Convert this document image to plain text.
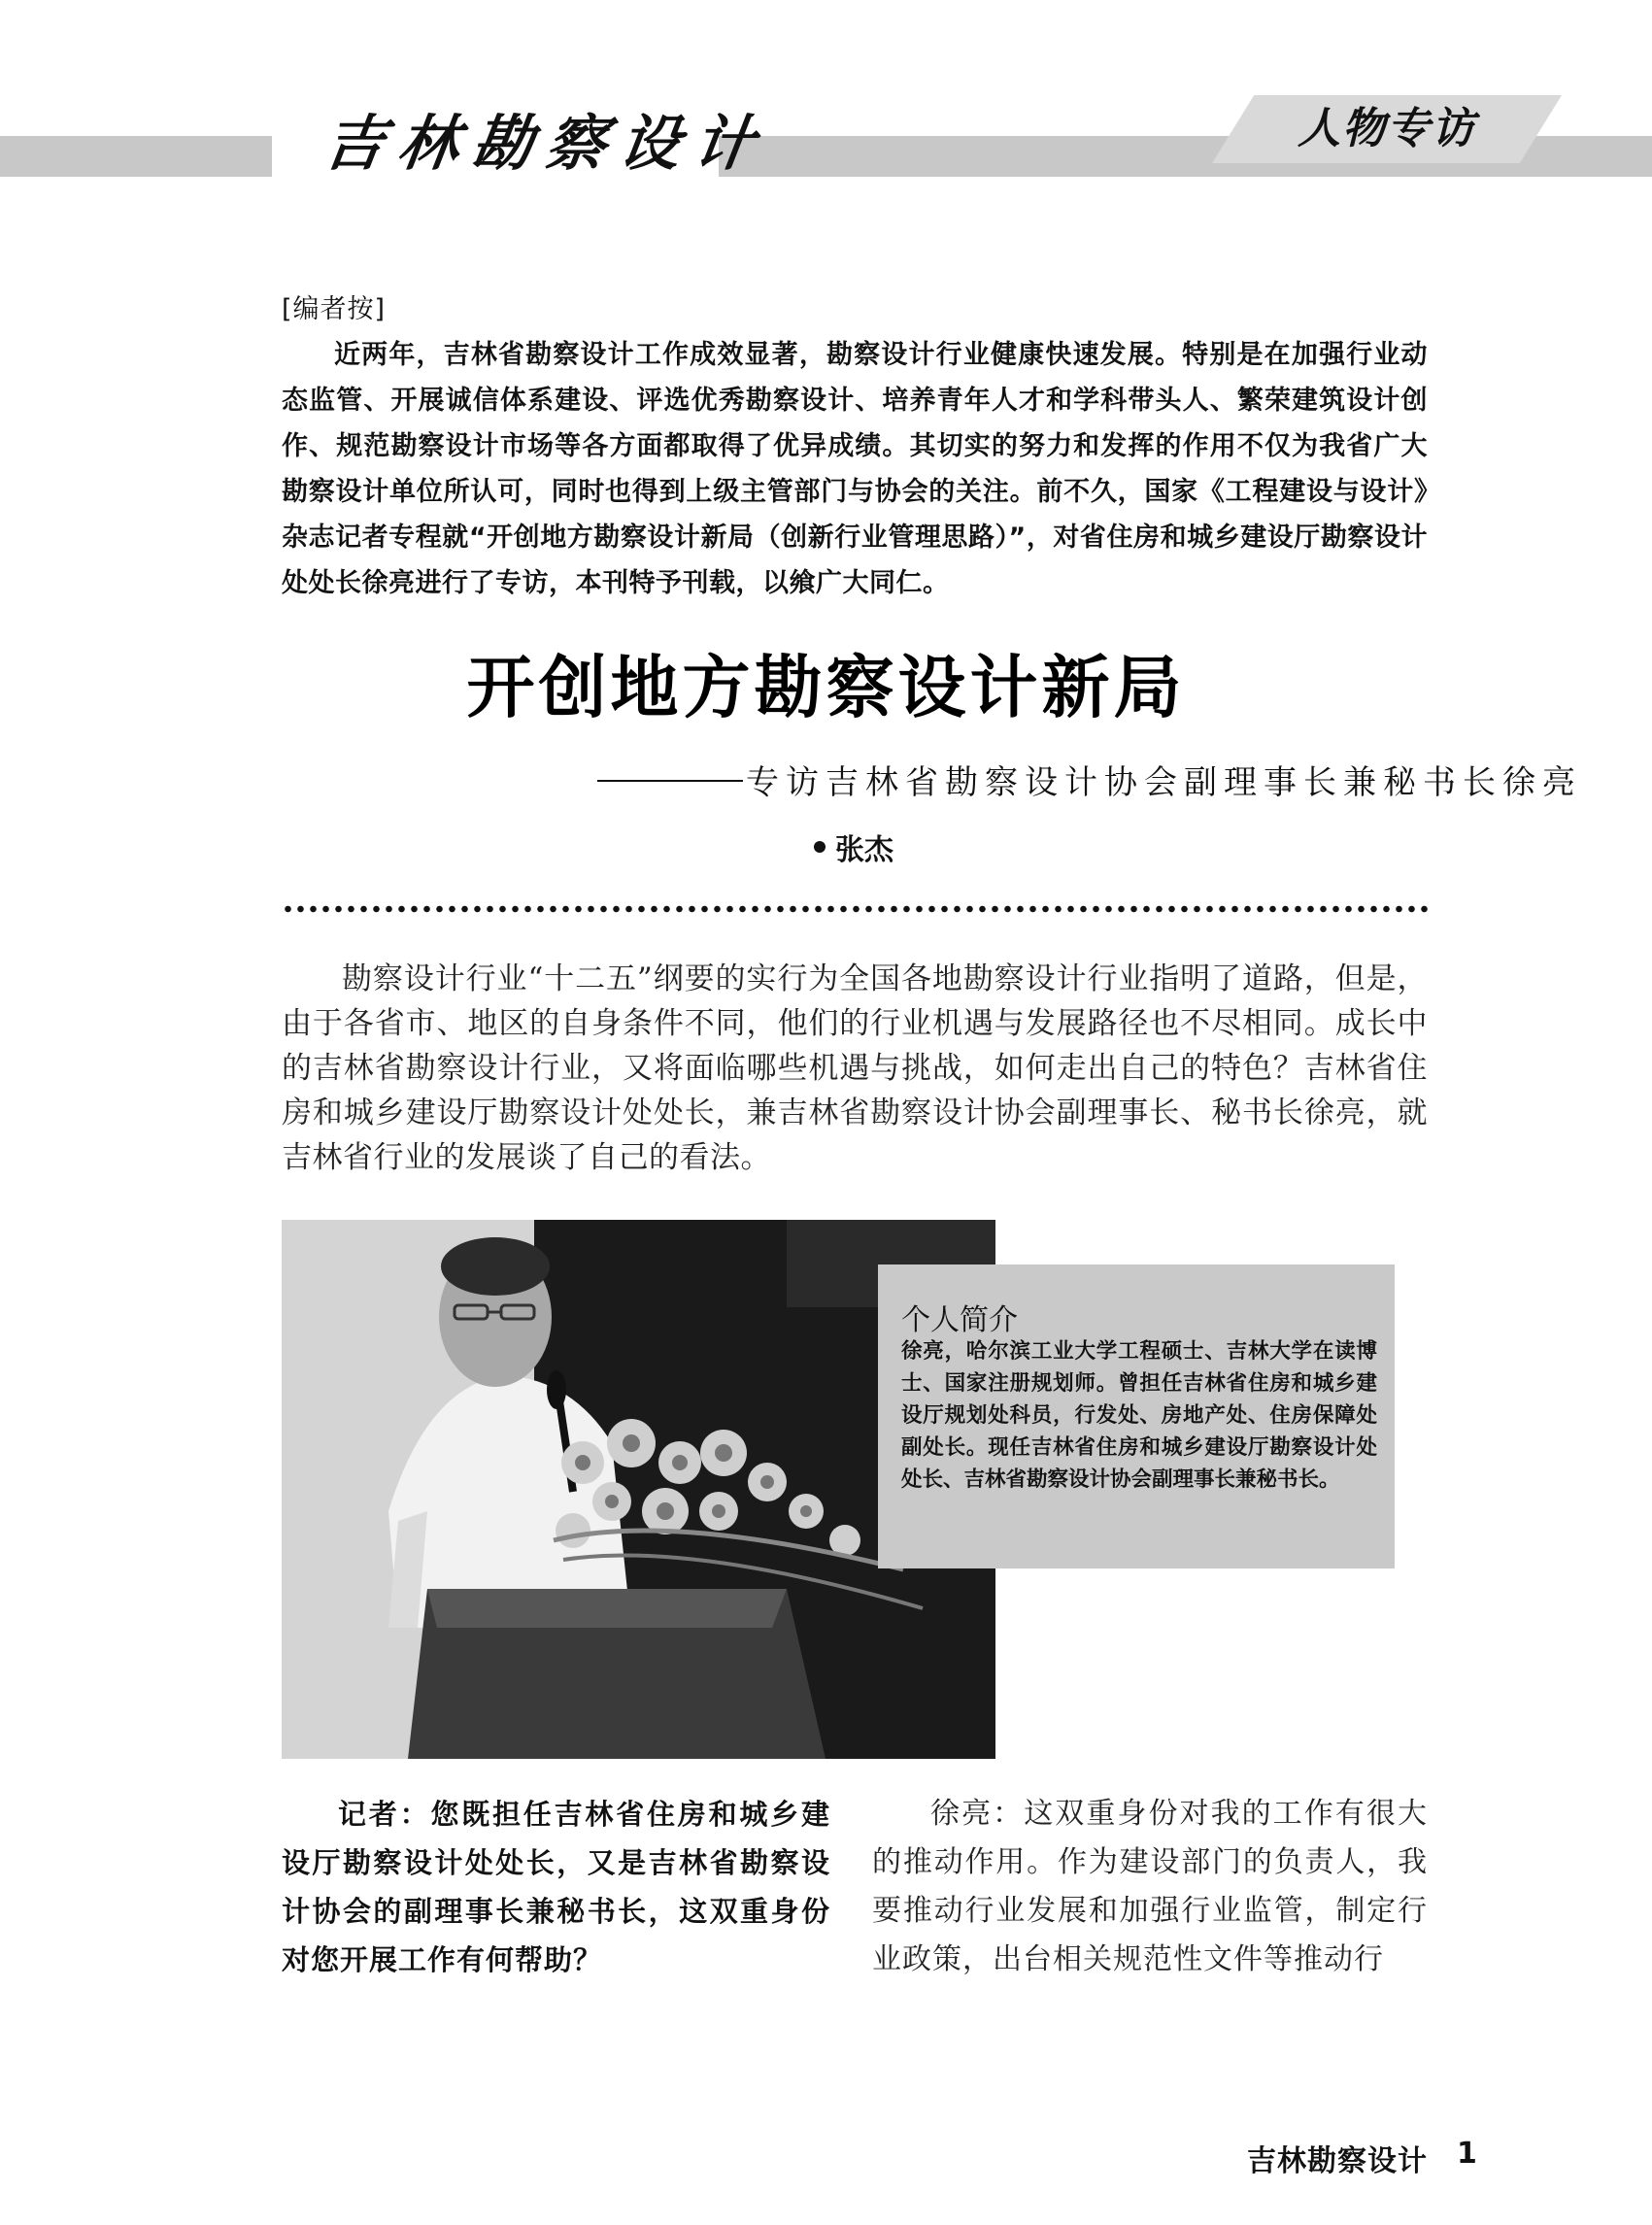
吉林勘察设计	人物专访
[编者按]
近两年，吉林省勘察设计工作成效显著，勘察设计行业健康快速发展。特别是在加强行业动态监管、开展诚信体系建设、评选优秀勘察设计、培养青年人才和学科带头人、繁荣建筑设计创作、规范勘察设计市场等各方面都取得了优异成绩。其切实的努力和发挥的作用不仅为我省广大勘察设计单位所认可，同时也得到上级主管部门与协会的关注。前不久，国家《工程建设与设计》杂志记者专程就“开创地方勘察设计新局（创新行业管理思路）”，对省住房和城乡建设厅勘察设计处处长徐亮进行了专访，本刊特予刊载，以飨广大同仁。
开创地方勘察设计新局
专访吉林省勘察设计协会副理事长兼秘书长徐亮
张杰
勘察设计行业“十二五”纲要的实行为全国各地勘察设计行业指明了道路，但是，由于各省市、地区的自身条件不同，他们的行业机遇与发展路径也不尽相同。成长中的吉林省勘察设计行业，又将面临哪些机遇与挑战，如何走出自己的特色？吉林省住房和城乡建设厅勘察设计处处长，兼吉林省勘察设计协会副理事长、秘书长徐亮，就吉林省行业的发展谈了自己的看法。
个人简介
徐亮，哈尔滨工业大学工程硕士、吉林大学在读博士、国家注册规划师。曾担任吉林省住房和城乡建设厅规划处科员，行发处、房地产处、住房保障处副处长。现任吉林省住房和城乡建设厅勘察设计处处长、吉林省勘察设计协会副理事长兼秘书长。
记者：您既担任吉林省住房和城乡建设厅勘察设计处处长，又是吉林省勘察设计协会的副理事长兼秘书长，这双重身份对您开展工作有何帮助？
徐亮：这双重身份对我的工作有很大的推动作用。作为建设部门的负责人，我要推动行业发展和加强行业监管，制定行业政策，出台相关规范性文件等推动行
吉林勘察设计 1
